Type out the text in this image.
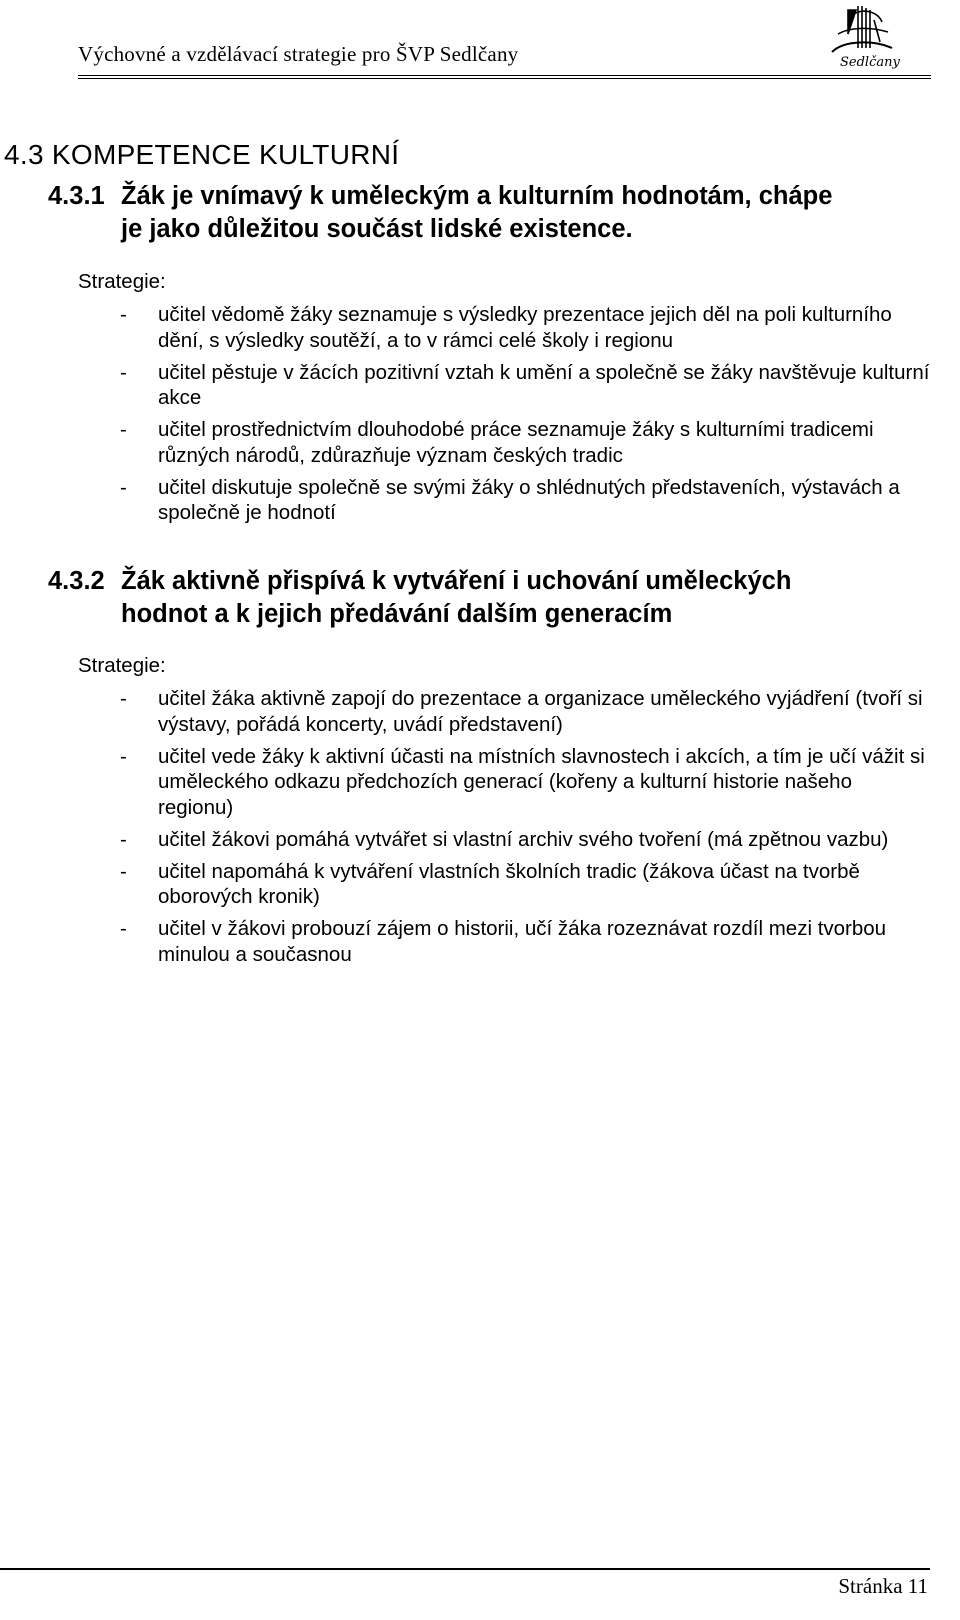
Výchovné a vzdělávací strategie pro ŠVP Sedlčany	Sedlčany
4.3 KOMPETENCE KULTURNÍ
4.3.1 Žák je vnímavý k uměleckým a kulturním hodnotám, chápe
je jako důležitou součást lidské existence.
Strategie:
- učitel vědomě žáky seznamuje s výsledky prezentace jejich děl na poli kulturního dění, s výsledky soutěží, a to v rámci celé školy i regionu
- učitel pěstuje v žácích pozitivní vztah k umění a společně se žáky navštěvuje kulturní akce
- učitel prostřednictvím dlouhodobé práce seznamuje žáky s kulturními tradicemi různých národů, zdůrazňuje význam českých tradic
- učitel diskutuje společně se svými žáky o shlédnutých představeních, výstavách a společně je hodnotí
4.3.2 Žák aktivně přispívá k vytváření i uchování uměleckých
hodnot a k jejich předávání dalším generacím
Strategie:
- učitel žáka aktivně zapojí do prezentace a organizace uměleckého vyjádření (tvoří si výstavy, pořádá koncerty, uvádí představení)
- učitel vede žáky k aktivní účasti na místních slavnostech i akcích, a tím je učí vážit si uměleckého odkazu předchozích generací (kořeny a kulturní historie našeho regionu)
- učitel žákovi pomáhá vytvářet si vlastní archiv svého tvoření (má zpětnou vazbu)
- učitel napomáhá k vytváření vlastních školních tradic (žákova účast na tvorbě oborových kronik)
- učitel v žákovi probouzí zájem o historii, učí žáka rozeznávat rozdíl mezi tvorbou minulou a současnou
Stránka 11
